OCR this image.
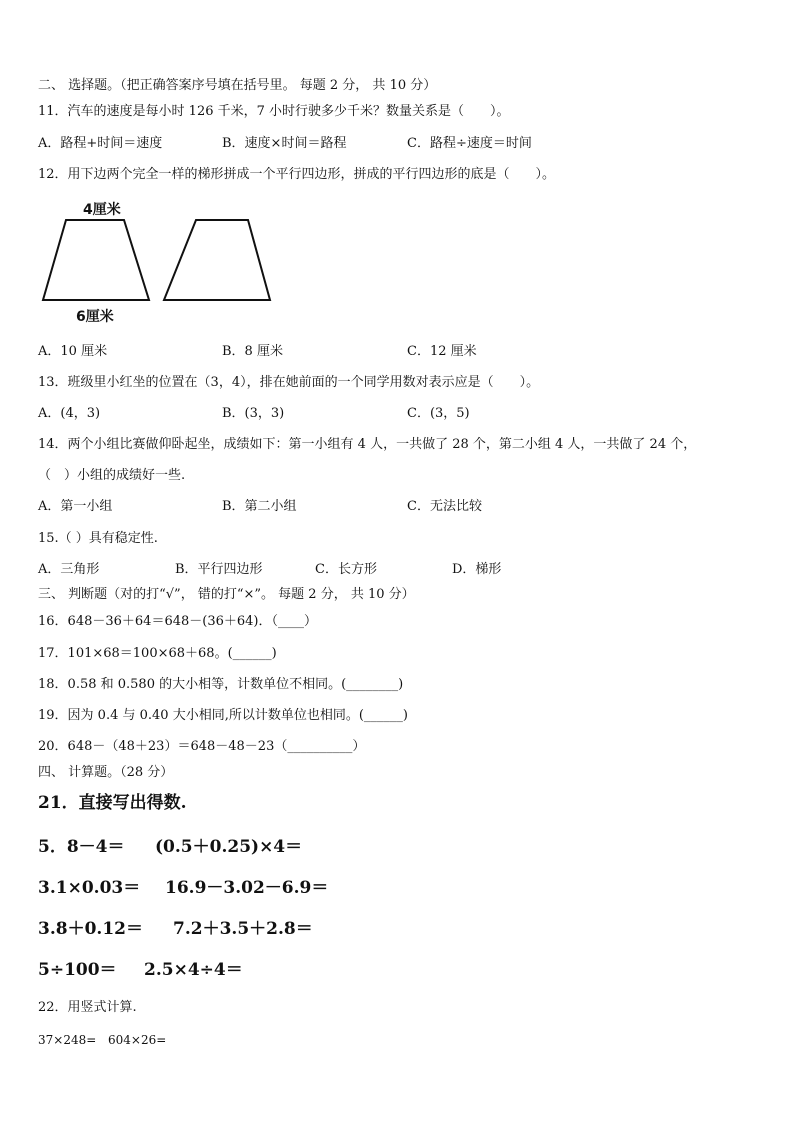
二、 选择题。（把正确答案序号填在括号里。 每题 2 分， 共 10 分）
11．汽车的速度是每小时 126 千米，7 小时行驶多少千米？数量关系是（　　）。
A．路程+时间＝速度	B．速度×时间＝路程	C．路程÷速度＝时间
12．用下边两个完全一样的梯形拼成一个平行四边形，拼成的平行四边形的底是（　　）。
4厘米
6厘米
A．10 厘米	B．8 厘米	C．12 厘米
13．班级里小红坐的位置在（3，4），排在她前面的一个同学用数对表示应是（　　）。
A．(4，3)	B．(3，3)	C．(3，5)
14．两个小组比赛做仰卧起坐，成绩如下：第一小组有 4 人，一共做了 28 个，第二小组 4 人，一共做了 24 个，
（　）小组的成绩好一些.
A．第一小组	B．第二小组	C．无法比较
15.（ ）具有稳定性.
A．三角形	B．平行四边形	C．长方形	D．梯形
三、 判断题（对的打“√”， 错的打“×”。 每题 2 分， 共 10 分）
16．648－36＋64＝648－(36＋64)．（____）
17．101×68＝100×68＋68。(______)
18．0.58 和 0.580 的大小相等，计数单位不相同。(________)
19．因为 0.4 与 0.40 大小相同,所以计数单位也相同。(______)
20．648－（48＋23）＝648－48－23（__________）
四、 计算题。（28 分）
21．直接写出得数.
5．8－4＝ (0.5＋0.25)×4＝
3.1×0.03＝ 16.9－3.02－6.9＝
3.8＋0.12＝ 7.2＋3.5＋2.8＝
5÷100＝ 2.5×4÷4＝
22．用竖式计算.
37×248= 604×26=
